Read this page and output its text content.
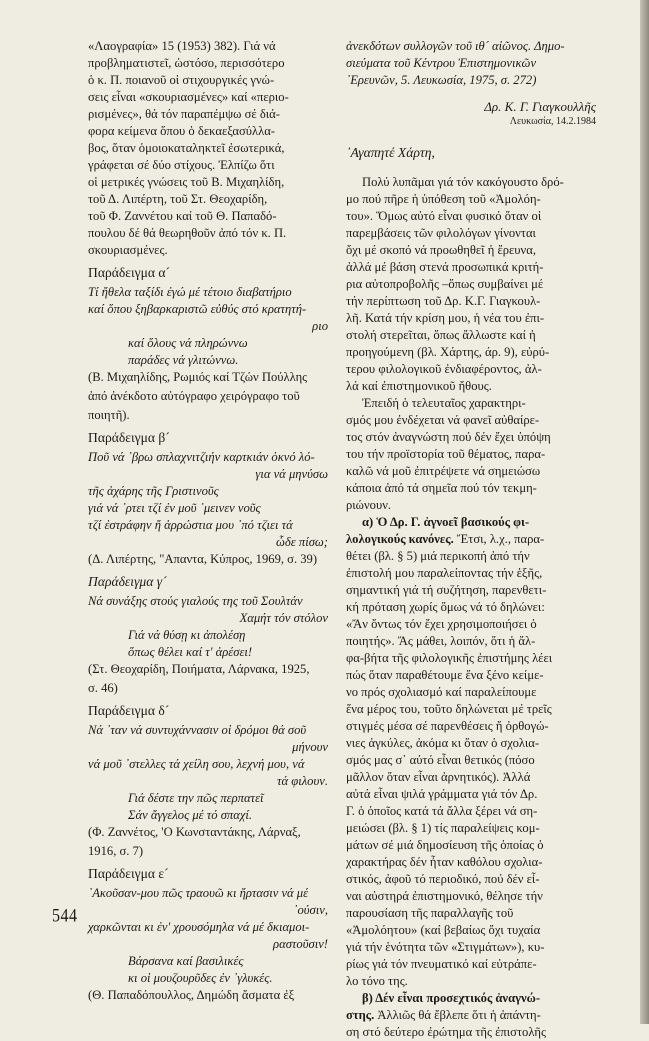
«Λαογραφία» 15 (1953) 382). Γιά νά

προβληματιστεῖ, ὡστόσο, περισσότερο

ὁ κ. Π. ποιανοῦ οἱ στιχουργικές γνώ-

σεις εἶναι «σκουριασμένες» καί «περιο-

ρισμένες», θά τόν παραπέμψω σέ διά-

φορα κείμενα ὅπου ὁ δεκαεξασύλλα-

βος, ὅταν ὁμοιοκαταληκτεῖ ἐσωτερικά,

γράφεται σέ δύο στίχους. Ἐλπίζω ὅτι

οἱ μετρικές γνώσεις τοῦ Β. Μιχαηλίδη,

τοῦ Δ. Λιπέρτη, τοῦ Στ. Θεοχαρίδη,

τοῦ Φ. Ζαννέτου καί τοῦ Θ. Παπαδό-

πουλου δέ θά θεωρηθοῦν ἀπό τόν κ. Π.

σκουριασμένες.

Παράδειγμα α´

Τί ἤθελα ταξίδι ἐγώ μέ τέτοιο διαβατήριο

καί ὅπου ξηβαρκαριστῶ εὐθύς στό κρατητή-

ριο

καί ὅλους νά πληρώννω

παράδες νά γλιτώννω.

(Β. Μιχαηλίδης, Ρωμιός καί Τζών Πούλλης

ἀπό ἀνέκδοτο αὐτόγραφο χειρόγραφο τοῦ

ποιητῆ).

Παράδειγμα β´

Ποῦ νά ᾽βρω σπλαχνιτζιήν καρτκιάν ὀκνό λό-

για νά μηνύσω

τῆς ἀχάρης τῆς Γριστινοῦς

γιά νά ᾽ρτει τζί ἐν μοῦ ᾽μειvεν νοῦς

τζί ἐστράφην ἤ ἀρρώστια μου ᾽πό τζιει τά

ὧδε πίσω;

(Δ. Λιπέρτης, "Απαντα, Κύπρος, 1969, σ. 39)

Παράδειγμα γ´

Νά συνάξης στούς γιαλούς της τοῦ Σουλτάν

Χαμήτ τόν στόλον

Γιά νά θύσῃ κι ἀπολέσῃ

ὅπως θέλει καί τ' ἀρέσει!

(Στ. Θεοχαρίδη, Ποιήματα, Λάρνακα, 1925,

σ. 46)

Παράδειγμα δ´

Νά ᾽ταν νά συντυχάννασιν οἱ δρόμοι θά σοῦ

μήνουν

νά μοῦ ᾽στελλες τά χείλη σου, λεχνή μου, νά

τά φιλουν.

Γιά δέστε την πῶς περπατεῖ

Σάν ἄγγελος μέ τό σπαχί.

(Φ. Ζαννέτος, 'Ο Κωνσταντάκης, Λάρναξ,

1916, σ. 7)

Παράδειγμα ε´

᾽Ακοῦσαν-μου πῶς τραουῶ κι ἤρτασιν νά μέ

᾽ούσιν,

χαρκῶνται κι ἐν' χρουσόμηλα νά μέ δκιαμοι-

ραστοῦσιν!

Βάρσανα καί βασιλικές

κι οἱ μουζουρῦδες ἐν ᾽γλυκές.

(Θ. Παπαδόπουλλος, Δημώδη ἄσματα ἐξ

ἀνεκδότων συλλογῶν τοῦ ιθ´ αἰῶνος. Δημο-

σιεύματα τοῦ Κέντρου Ἐπιστημονικῶν

᾽Ερευνῶν, 5. Λευκωσία, 1975, σ. 272)

Δρ. Κ. Γ. Γιαγκουλλῆς

Λευκωσία, 14.2.1984

᾽Αγαπητέ Χάρτη,

Πολύ λυπᾶμαι γιά τόν κακόγουστο δρό-

μο πού πῆρε ἡ ὑπόθεση τοῦ «Ἀμολόη-

του». Ὅμως αὐτό εἶναι φυσικό ὅταν οἱ

παρεμβάσεις τῶν φιλολόγων γίνονται

ὄχι μέ σκοπό νά προωθηθεῖ ἡ ἔρευνα,

ἀλλά μέ βάση στενά προσωπικά κριτή-

ρια αὐτοπροβολῆς –ὅπως συμβαίνει μέ

τήν περίπτωση τοῦ Δρ. Κ.Γ. Γιαγκουλ-

λῆ. Κατά τήν κρίση μου, ἡ νέα του ἐπι-

στολή στερεῖται, ὅπως ἄλλωστε καί ἡ

προηγούμενη (βλ. Χάρτης, άρ. 9), εὐρύ-

τερου φιλολογικοῦ ἐνδιαφέροντος, ἀλ-

λά καί ἐπιστημονικοῦ ἤθους.

Ἐπειδή ὁ τελευταῖος χαρακτηρι-

σμός μου ἐνδέχεται νά φανεῖ αὐθαίρε-

τος στόν ἀναγνώστη πού δέν ἔχει ὑπόψη

του τήν προϊστορία τοῦ θέματος, παρα-

καλῶ νά μοῦ ἐπιτρέψετε νά σημειώσω

κάποια ἀπό τά σημεῖα πού τόν τεκμη-

ριώνουν.

α) Ὁ Δρ. Γ. ἀγνοεῖ βασικούς φι-

λολογικούς κανόνες. Ἔτσι, λ.χ., παρα-

θέτει (βλ. § 5) μιά περικοπή ἀπό τήν

ἐπιστολή μου παραλείποντας τήν ἑξῆς,

σημαντική γιά τή συζήτηση, παρενθετι-

κή πρόταση χωρίς ὅμως νά τό δηλώνει:

«Ἄν ὄντως τόν ἔχει χρησιμοποιήσει ὁ

ποιητής». Ἄς μάθει, λοιπόν, ὅτι ἡ ἄλ-

φα-βήτα τῆς φιλολογικῆς ἐπιστήμης λέει

πώς ὅταν παραθέτουμε ἕνα ξένο κείμε-

νο πρός σχολιασμό καί παραλείπουμε

ἕνα μέρος του, τοῦτο δηλώνεται μέ τρεῖς

στιγμές μέσα σέ παρενθέσεις ἤ ὀρθογώ-

νιες ἀγκύλες, ἀκόμα κι ὅταν ὁ σχολια-

σμός μας σ᾽ αὐτό εἶναι θετικός (πόσο

μᾶλλον ὅταν εἶναι ἀρνητικός). Ἀλλά

αὐτά εἶναι ψιλά γράμματα γιά τόν Δρ.

Γ. ὁ ὁποῖος κατά τά ἄλλα ξέρει νά ση-

μειώσει (βλ. § 1) τίς παραλείψεις κομ-

μάτων σέ μιά δημοσίευση τῆς ὁποίας ὁ

χαρακτήρας δέν ἦταν καθόλου σχολια-

στικός, ἀφοῦ τό περιοδικό, πού δέν εἶ-

ναι αὐστηρά ἐπιστημονικό, θέλησε τήν

παρουσίαση τῆς παραλλαγῆς τοῦ

«Ἀμολόητου» (καί βεβαίως ὄχι τυχαία

γιά τήν ἑνότητα τῶν «Στιγμάτων»), κυ-

ρίως γιά τόν πνευματικό καί εὐτράπε-

λο τόνο της.

β) Δέν εἶναι προσεχτικός ἀναγνώ-

στης. Ἀλλιῶς θά ἔβλεπε ὅτι ἡ ἀπάντη-

ση στό δεύτερο ἐρώτημα τῆς ἐπιστολῆς

544
